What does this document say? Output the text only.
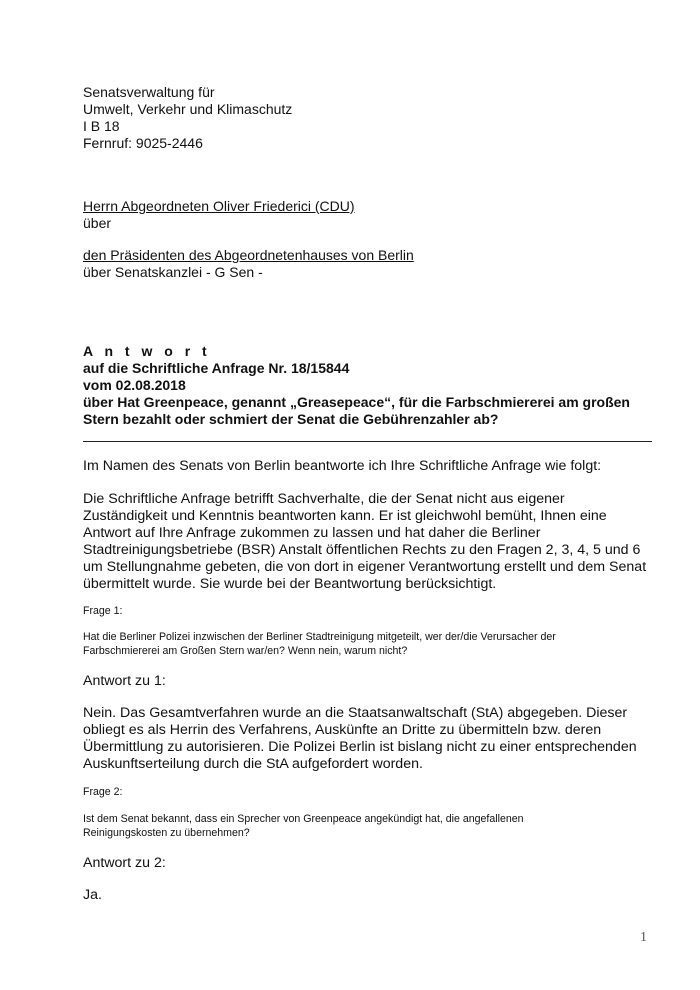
Senatsverwaltung für

Umwelt, Verkehr und Klimaschutz

I B 18

Fernruf: 9025-2446

Herrn Abgeordneten Oliver Friederici (CDU)

über

den Präsidenten des Abgeordnetenhauses von Berlin

über Senatskanzlei - G Sen -

A n t w o r t

auf die Schriftliche Anfrage Nr. 18/15844

vom 02.08.2018

über Hat Greenpeace, genannt „Greasepeace“, für die Farbschmiererei am großen

Stern bezahlt oder schmiert der Senat die Gebührenzahler ab?

Im Namen des Senats von Berlin beantworte ich Ihre Schriftliche Anfrage wie folgt:

Die Schriftliche Anfrage betrifft Sachverhalte, die der Senat nicht aus eigener

Zuständigkeit und Kenntnis beantworten kann. Er ist gleichwohl bemüht, Ihnen eine

Antwort auf Ihre Anfrage zukommen zu lassen und hat daher die Berliner

Stadtreinigungsbetriebe (BSR) Anstalt öffentlichen Rechts zu den Fragen 2, 3, 4, 5 und 6

um Stellungnahme gebeten, die von dort in eigener Verantwortung erstellt und dem Senat

übermittelt wurde. Sie wurde bei der Beantwortung berücksichtigt.

Frage 1:

Hat die Berliner Polizei inzwischen der Berliner Stadtreinigung mitgeteilt, wer der/die Verursacher der

Farbschmiererei am Großen Stern war/en? Wenn nein, warum nicht?

Antwort zu 1:

Nein. Das Gesamtverfahren wurde an die Staatsanwaltschaft (StA) abgegeben. Dieser

obliegt es als Herrin des Verfahrens, Auskünfte an Dritte zu übermitteln bzw. deren

Übermittlung zu autorisieren. Die Polizei Berlin ist bislang nicht zu einer entsprechenden

Auskunftserteilung durch die StA aufgefordert worden.

Frage 2:

Ist dem Senat bekannt, dass ein Sprecher von Greenpeace angekündigt hat, die angefallenen

Reinigungskosten zu übernehmen?

Antwort zu 2:

Ja.

1
